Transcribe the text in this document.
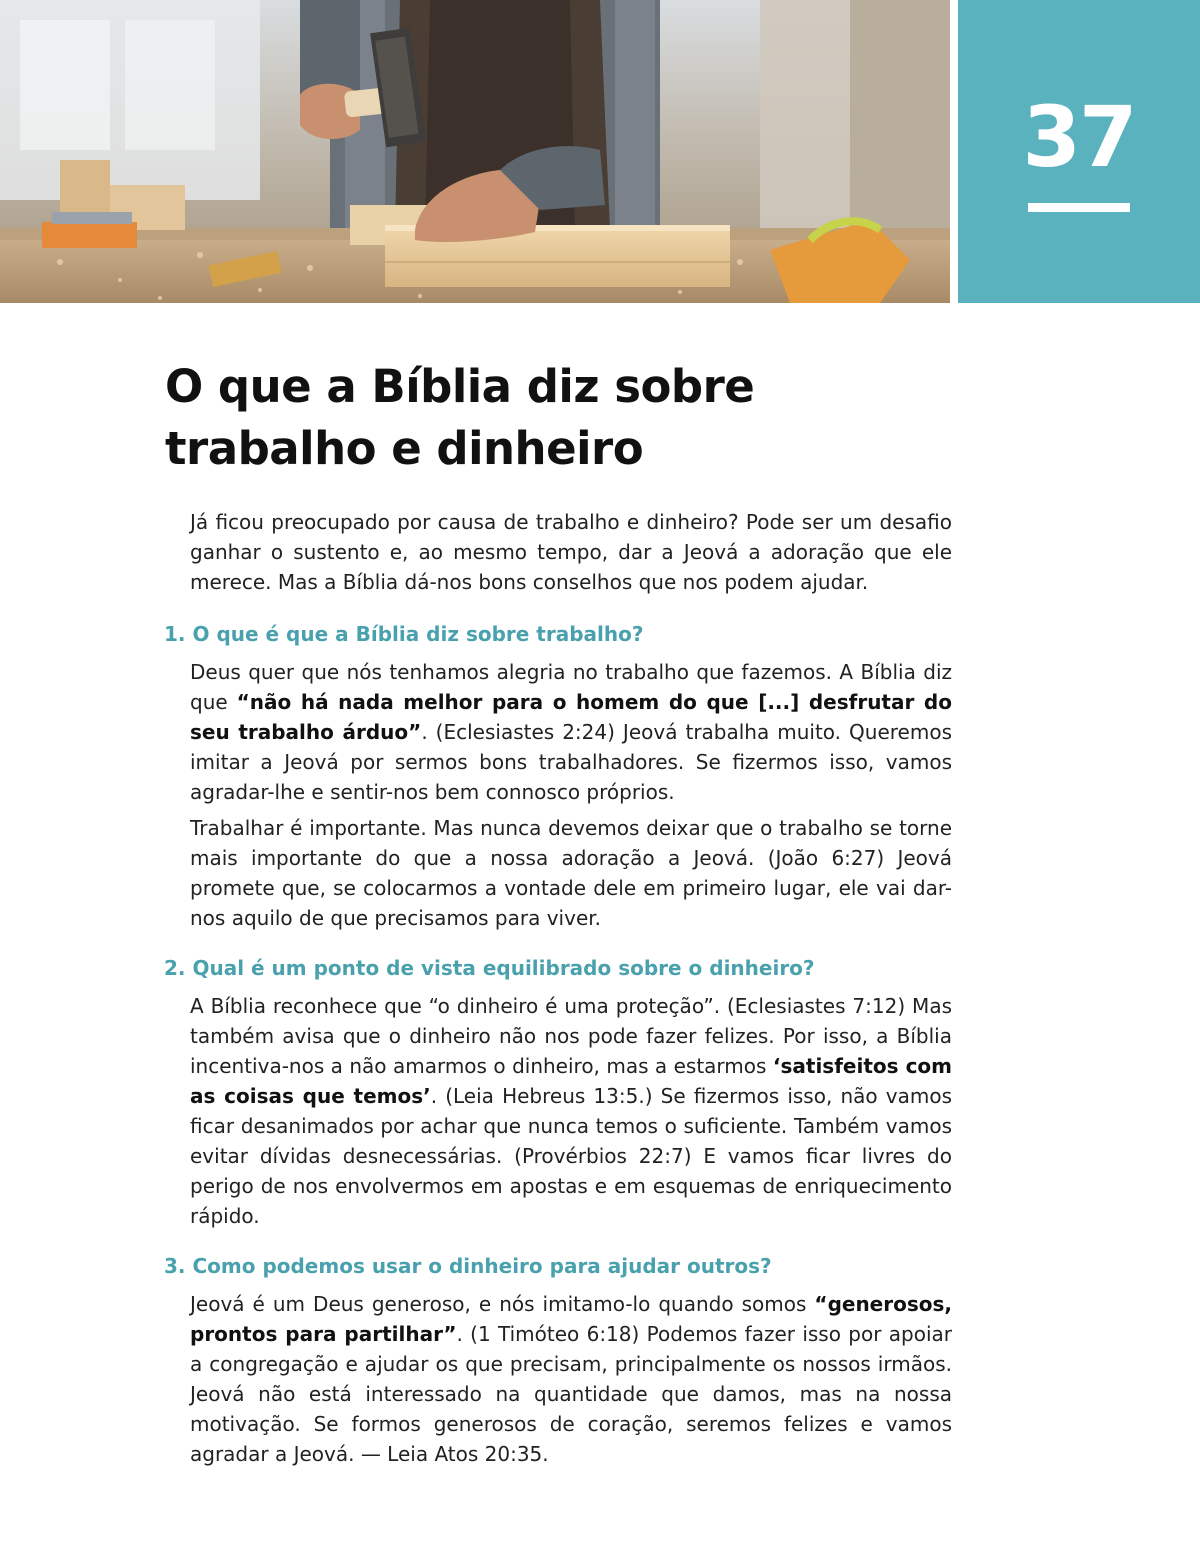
37
O que a Bíblia diz sobre
trabalho e dinheiro

Já ficou preocupado por causa de trabalho e dinheiro? Pode ser um desafio ganhar o sustento e, ao mesmo tempo, dar a Jeová a adoração que ele merece. Mas a Bíblia dá-nos bons conselhos que nos podem ajudar.

1. O que é que a Bíblia diz sobre trabalho?

Deus quer que nós tenhamos alegria no trabalho que fazemos. A Bíblia diz que “não há nada melhor para o homem do que [...] desfrutar do seu trabalho árduo”. (Eclesiastes 2:24) Jeová trabalha muito. Queremos imitar a Jeová por sermos bons trabalhadores. Se fizermos isso, vamos agradar-lhe e sentir-nos bem connosco próprios.

Trabalhar é importante. Mas nunca devemos deixar que o trabalho se torne mais importante do que a nossa adoração a Jeová. (João 6:27) Jeová promete que, se colocarmos a vontade dele em primeiro lugar, ele vai dar-nos aquilo de que precisamos para viver.

2. Qual é um ponto de vista equilibrado sobre o dinheiro?

A Bíblia reconhece que “o dinheiro é uma proteção”. (Eclesiastes 7:12) Mas também avisa que o dinheiro não nos pode fazer felizes. Por isso, a Bíblia incentiva-nos a não amarmos o dinheiro, mas a estarmos ‘satisfeitos com as coisas que temos’. (Leia Hebreus 13:5.) Se fizermos isso, não vamos ficar desanimados por achar que nunca temos o suficiente. Também vamos evitar dívidas desnecessárias. (Provérbios 22:7) E vamos ficar livres do perigo de nos envolvermos em apostas e em esquemas de enriquecimento rápido.

3. Como podemos usar o dinheiro para ajudar outros?

Jeová é um Deus generoso, e nós imitamo-lo quando somos “generosos, prontos para partilhar”. (1 Timóteo 6:18) Podemos fazer isso por apoiar a congregação e ajudar os que precisam, principalmente os nossos irmãos. Jeová não está interessado na quantidade que damos, mas na nossa motivação. Se formos generosos de coração, seremos felizes e vamos agradar a Jeová. — Leia Atos 20:35.
